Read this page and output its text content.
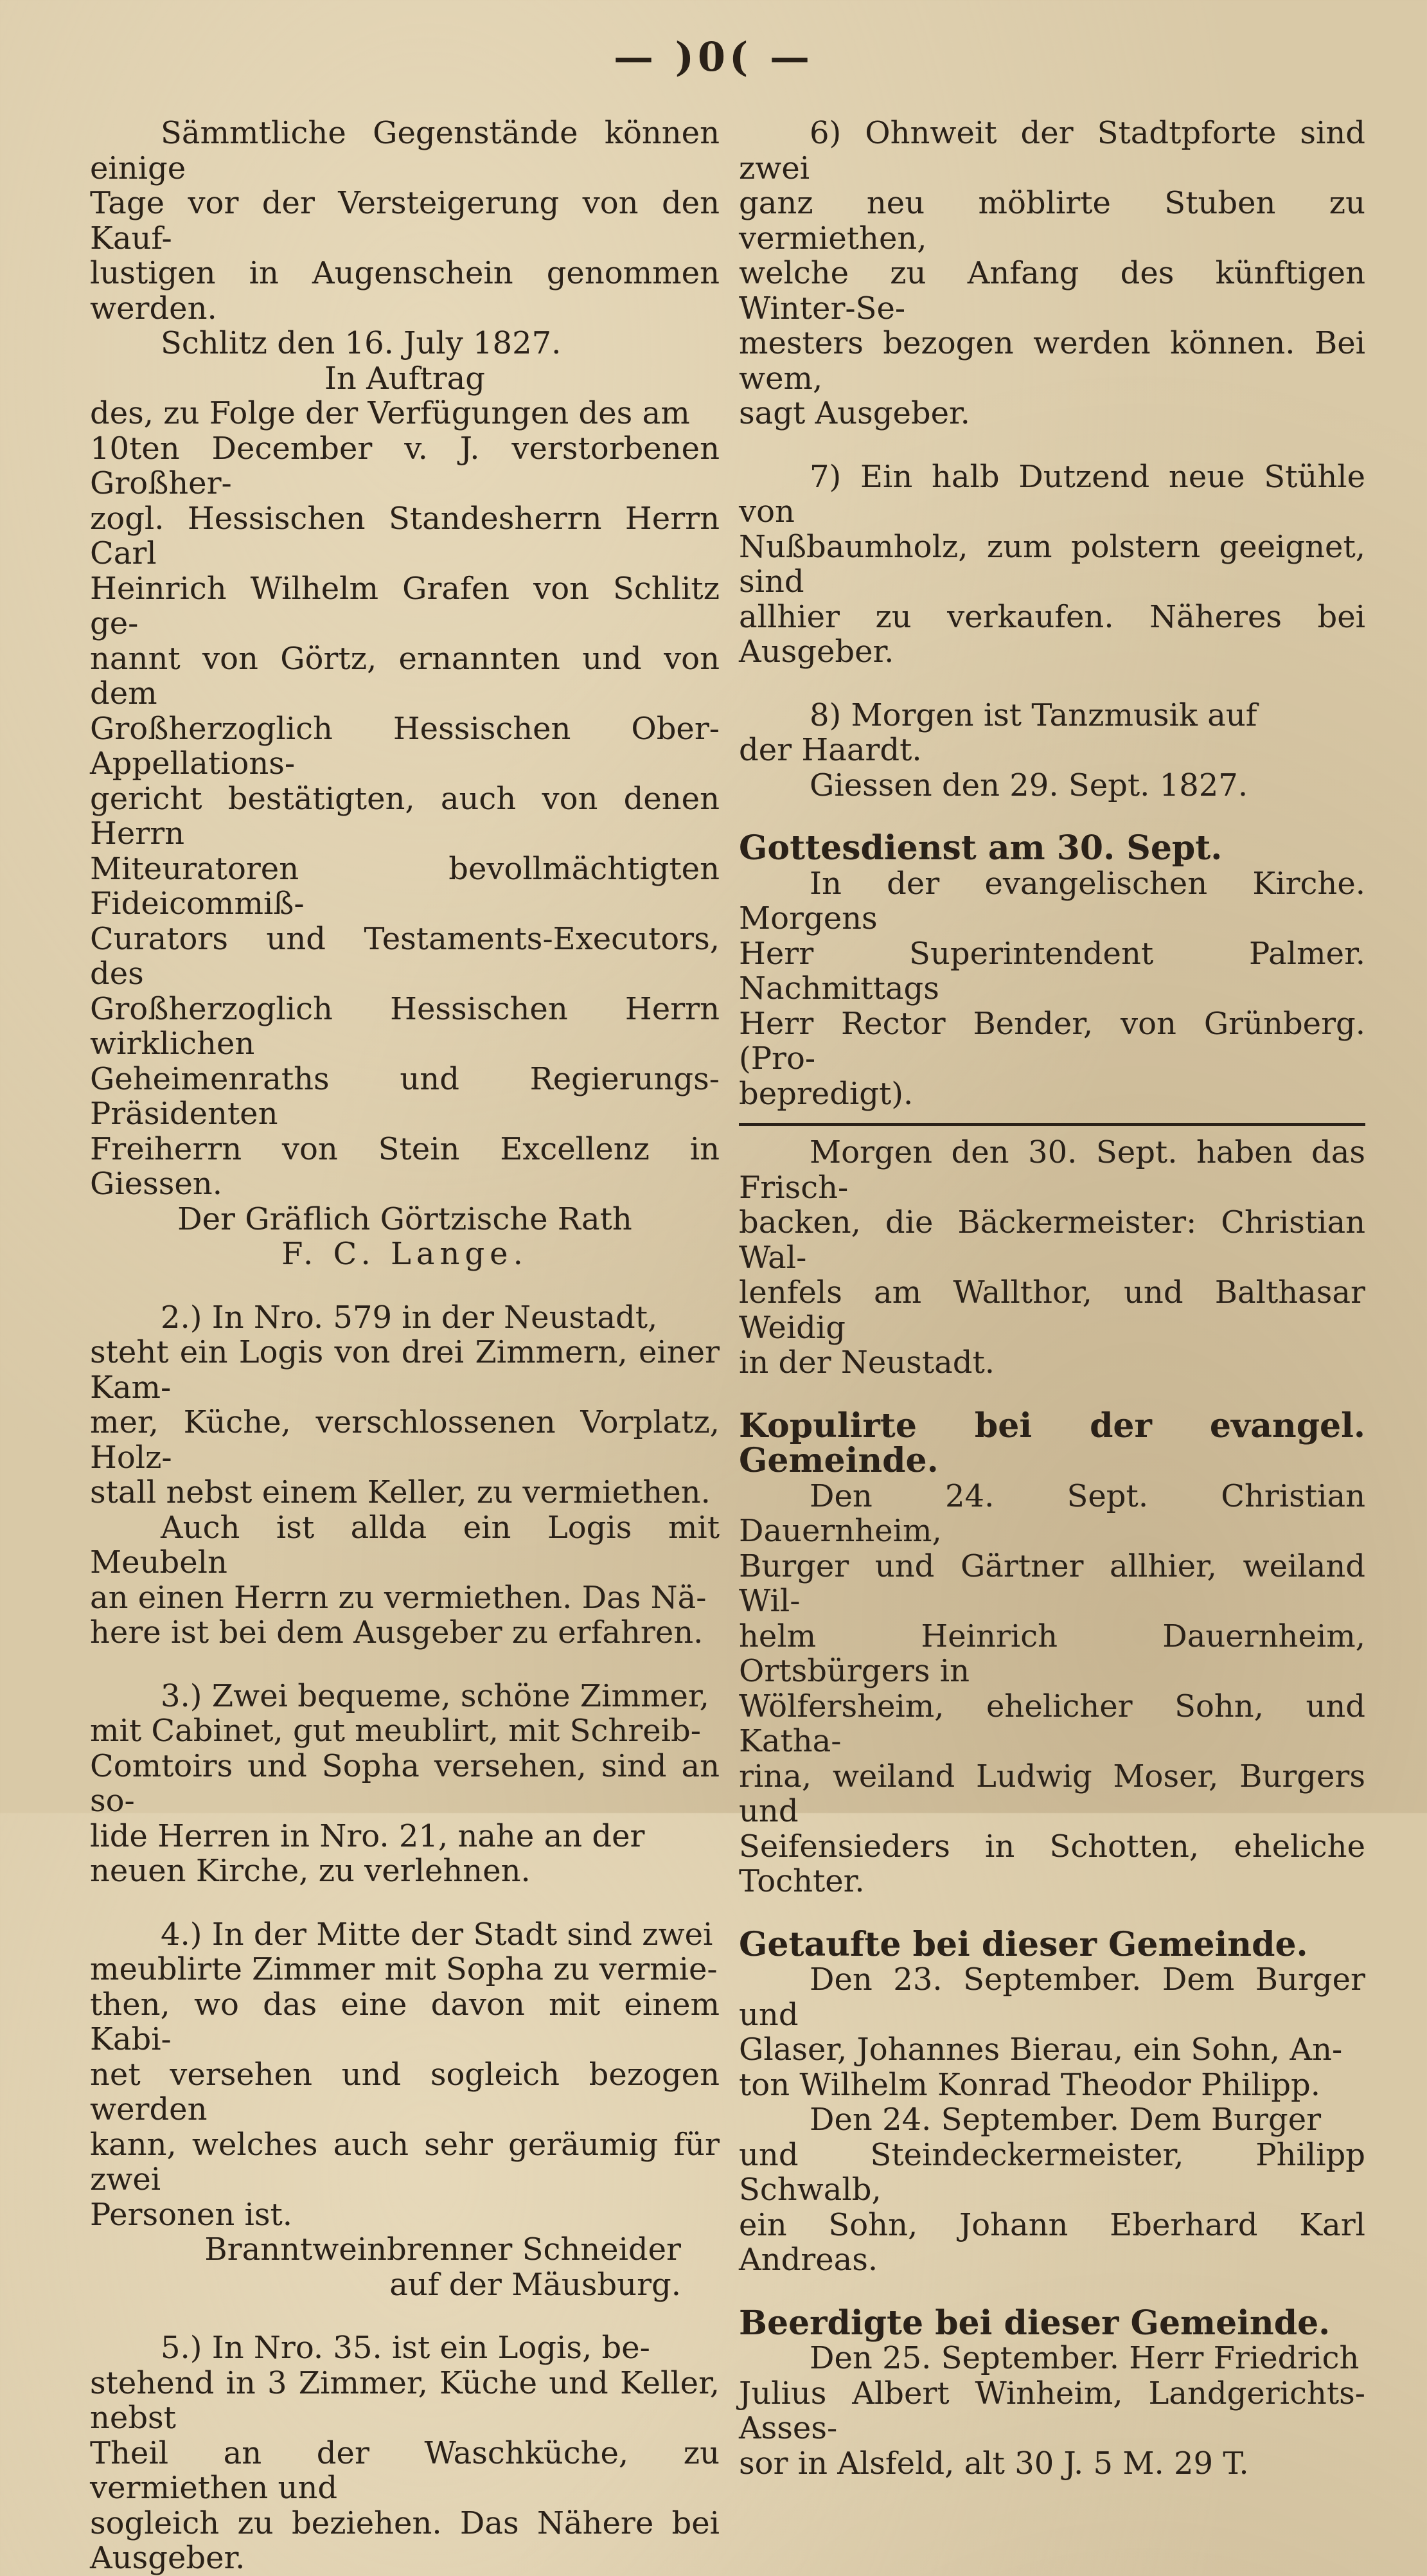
— )0( —

Sämmtliche Gegenstände können einige

Tage vor der Versteigerung von den Kauf-

lustigen in Augenschein genommen werden.

Schlitz den 16. July 1827.

In Auftrag

des, zu Folge der Verfügungen des am

10ten December v. J. verstorbenen Großher-

zogl. Hessischen Standesherrn Herrn Carl

Heinrich Wilhelm Grafen von Schlitz ge-

nannt von Görtz, ernannten und von dem

Großherzoglich Hessischen Ober-Appellations-

gericht bestätigten, auch von denen Herrn

Miteuratoren bevollmächtigten Fideicommiß-

Curators und Testaments-Executors, des

Großherzoglich Hessischen Herrn wirklichen

Geheimenraths und Regierungs-Präsidenten

Freiherrn von Stein Excellenz in Giessen.

Der Gräflich Görtzische Rath

F. C. Lange.

2.) In Nro. 579 in der Neustadt,

steht ein Logis von drei Zimmern, einer Kam-

mer, Küche, verschlossenen Vorplatz, Holz-

stall nebst einem Keller, zu vermiethen.

Auch ist allda ein Logis mit Meubeln

an einen Herrn zu vermiethen. Das Nä-

here ist bei dem Ausgeber zu erfahren.

3.) Zwei bequeme, schöne Zimmer,

mit Cabinet, gut meublirt, mit Schreib-

Comtoirs und Sopha versehen, sind an so-

lide Herren in Nro. 21, nahe an der

neuen Kirche, zu verlehnen.

4.) In der Mitte der Stadt sind zwei

meublirte Zimmer mit Sopha zu vermie-

then, wo das eine davon mit einem Kabi-

net versehen und sogleich bezogen werden

kann, welches auch sehr geräumig für zwei

Personen ist.

Branntweinbrenner Schneider

auf der Mäusburg.

5.) In Nro. 35. ist ein Logis, be-

stehend in 3 Zimmer, Küche und Keller, nebst

Theil an der Waschküche, zu vermiethen und

sogleich zu beziehen. Das Nähere bei Ausgeber.

6) Ohnweit der Stadtpforte sind zwei

ganz neu möblirte Stuben zu vermiethen,

welche zu Anfang des künftigen Winter-Se-

mesters bezogen werden können. Bei wem,

sagt Ausgeber.

7) Ein halb Dutzend neue Stühle von

Nußbaumholz, zum polstern geeignet, sind

allhier zu verkaufen. Näheres bei Ausgeber.

8) Morgen ist Tanzmusik auf

der Haardt.

Giessen den 29. Sept. 1827.

Gottesdienst am 30. Sept.

In der evangelischen Kirche. Morgens

Herr Superintendent Palmer. Nachmittags

Herr Rector Bender, von Grünberg. (Pro-

bepredigt).

Morgen den 30. Sept. haben das Frisch-

backen, die Bäckermeister: Christian Wal-

lenfels am Wallthor, und Balthasar Weidig

in der Neustadt.

Kopulirte bei der evangel. Gemeinde.

Den 24. Sept. Christian Dauernheim,

Burger und Gärtner allhier, weiland Wil-

helm Heinrich Dauernheim, Ortsbürgers in

Wölfersheim, ehelicher Sohn, und Katha-

rina, weiland Ludwig Moser, Burgers und

Seifensieders in Schotten, eheliche Tochter.

Getaufte bei dieser Gemeinde.

Den 23. September. Dem Burger und

Glaser, Johannes Bierau, ein Sohn, An-

ton Wilhelm Konrad Theodor Philipp.

Den 24. September. Dem Burger

und Steindeckermeister, Philipp Schwalb,

ein Sohn, Johann Eberhard Karl Andreas.

Beerdigte bei dieser Gemeinde.

Den 25. September. Herr Friedrich

Julius Albert Winheim, Landgerichts-Asses-

sor in Alsfeld, alt 30 J. 5 M. 29 T.
